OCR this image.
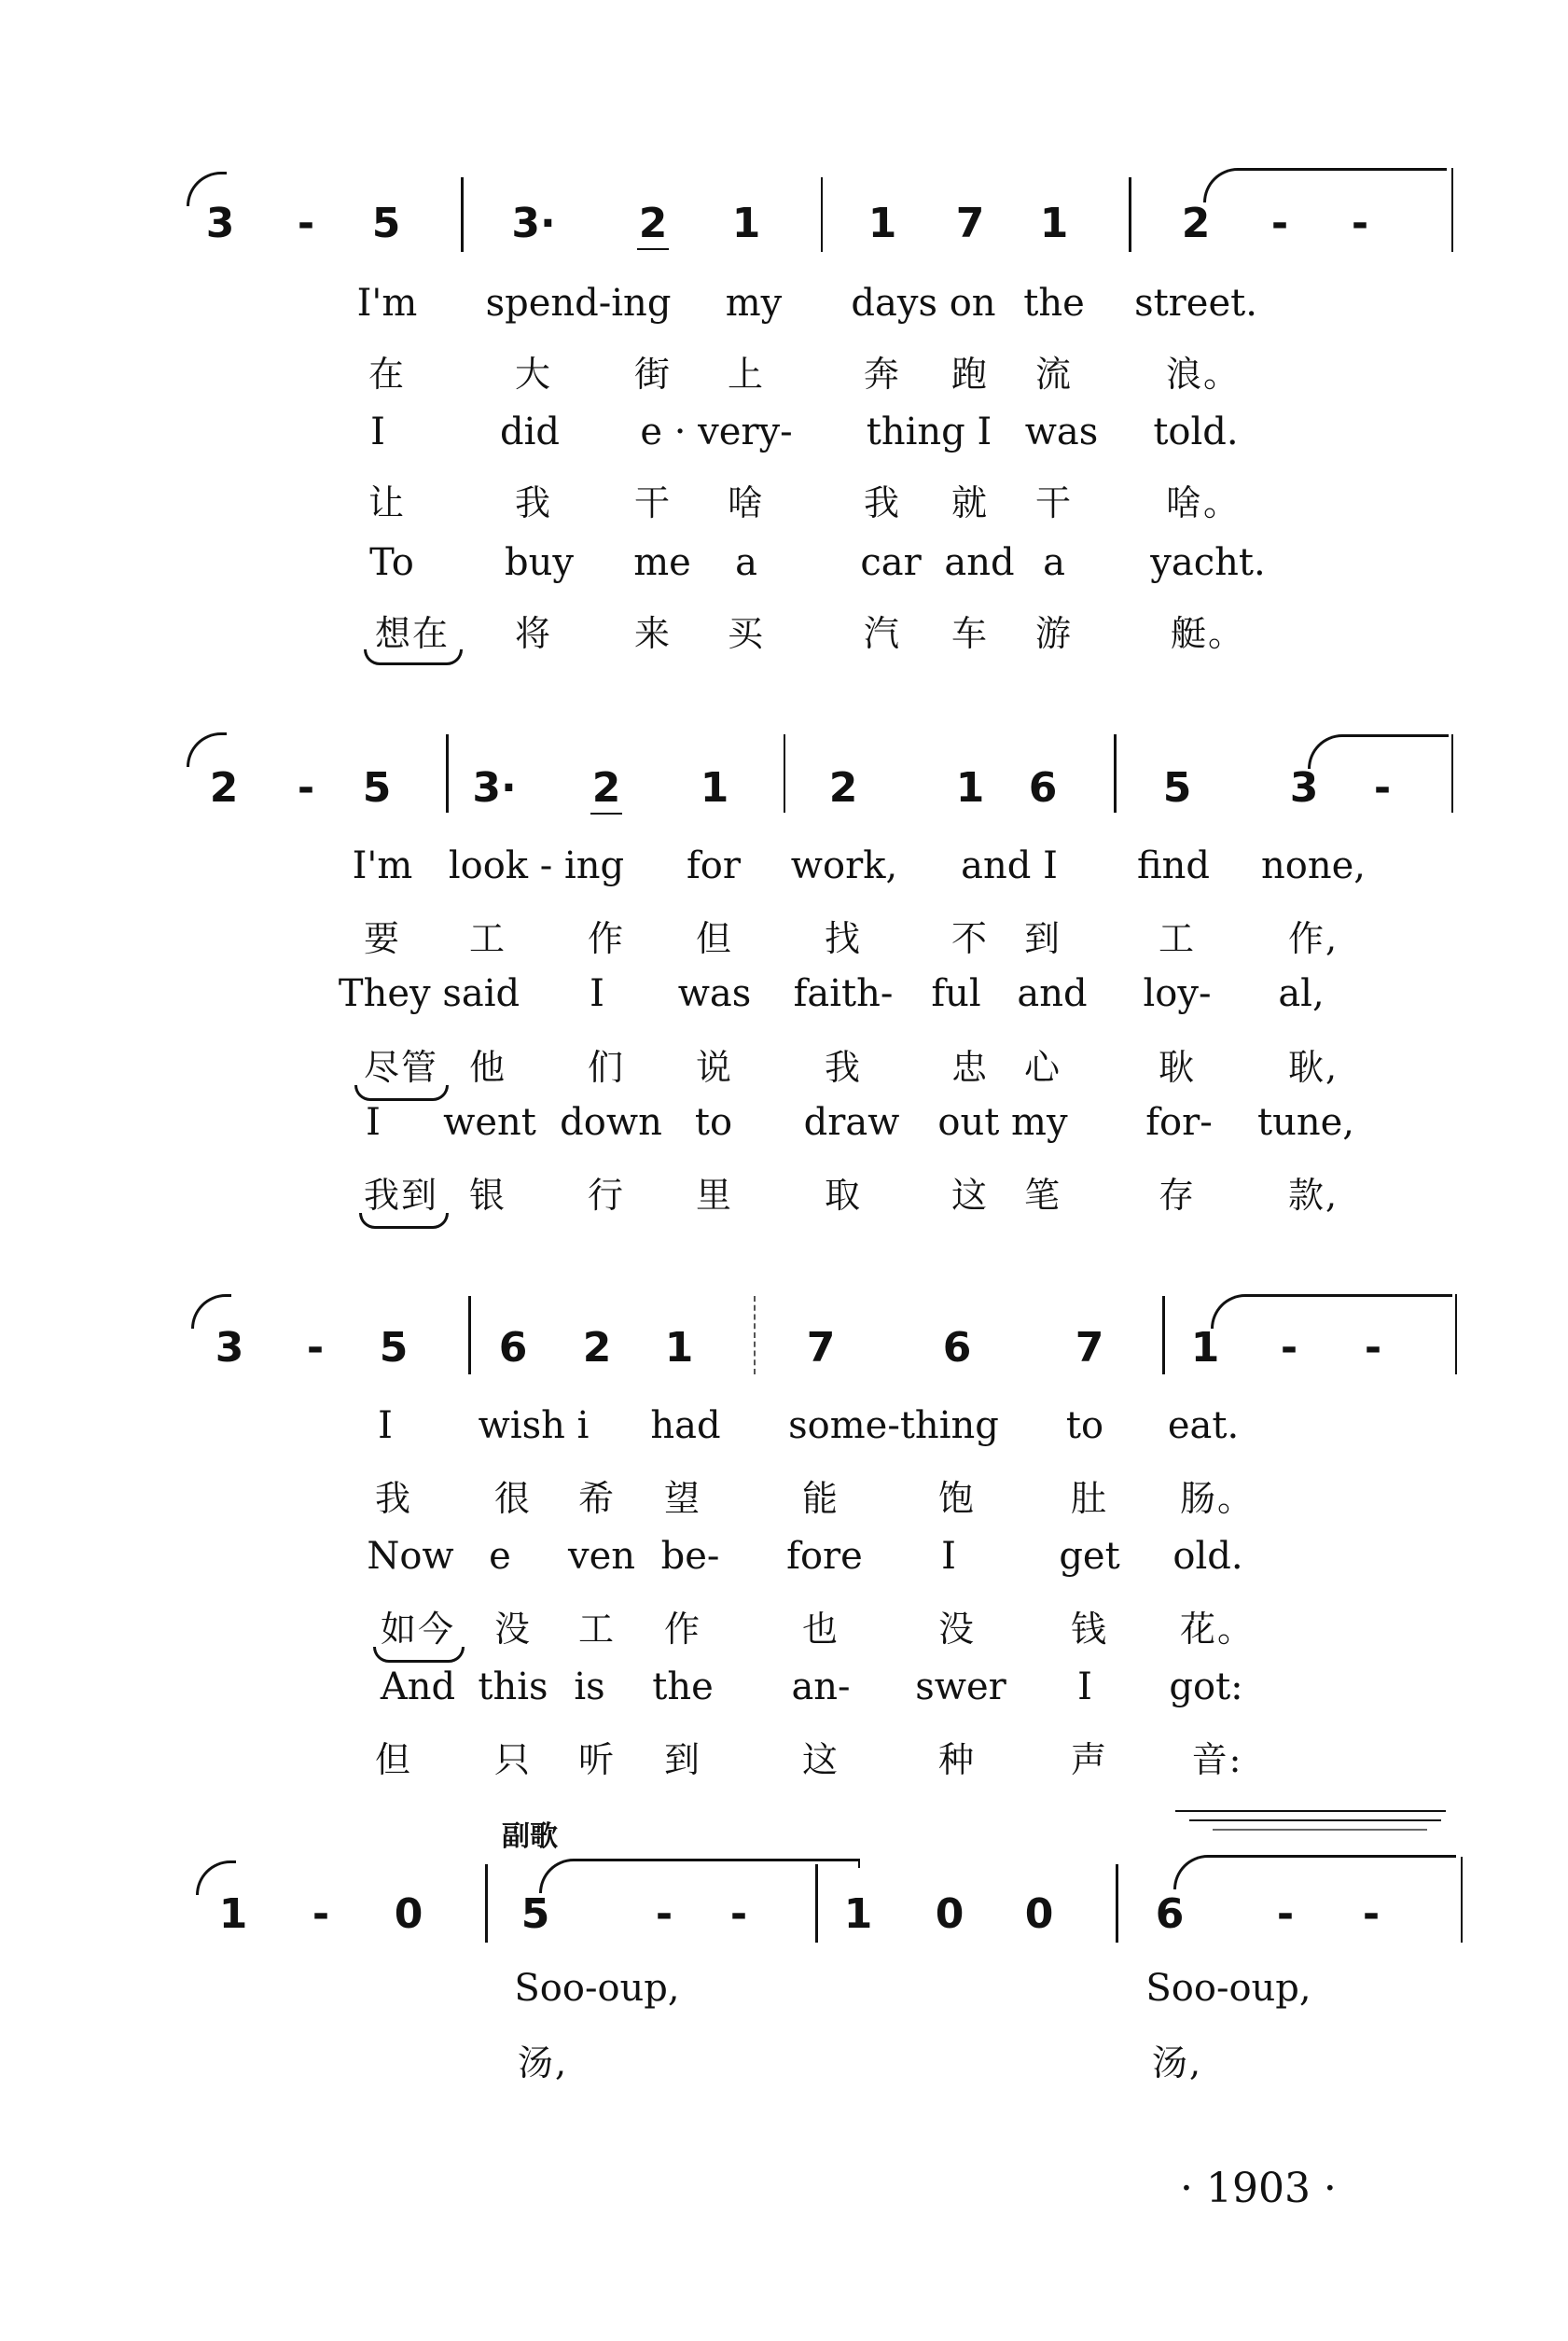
3	-	5	3· 2 1	1 7 1	2	-	-
I'm spend-ing my days on the street.
在	大 街 上	奔 跑 流	浪。
I	did e · very- thing I was told.
让	我 干 啥	我 就 干	啥。
To buy me a	car and a yacht.
想在 将 来 买	汽 车 游	艇。
2	-	5 3· 2 1 2 1 6	5 3	-
I'm look - ing for work, and I find none,
要 工 作 但	找	不 到	工	作,
They said I was faith- ful and loy- al,
尽管 他 们 说	我	忠 心	耿	耿,
I went down to draw out my for- tune,
我到 银 行 里	取	这 笔	存	款,
3	-	5 6 2 1	7	6	7 1	-	-
I wish i had some-thing to eat.
我 很 希 望	能	饱	肚 肠。
Now e ven be- fore I	get old.
如今 没 工 作	也	没	钱 花。
And this is the an- swer I got:
但 只 听 到	这	种	声 音:
副歌
1	-	0 5	-	-	1 0 0 6	-	-
Soo-oup,	Soo-oup,
汤,	汤,
· 1903 ·
